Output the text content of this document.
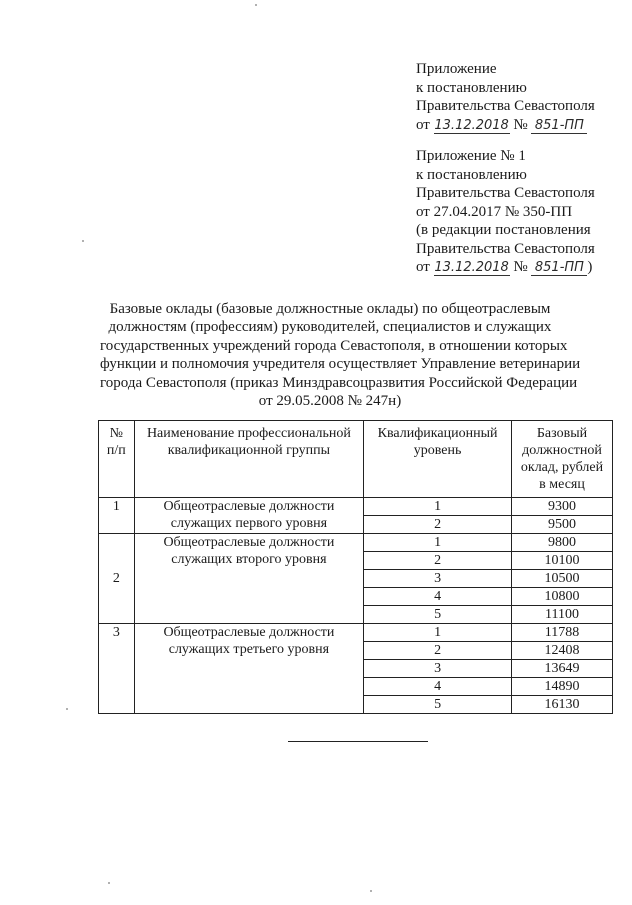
Приложение
к постановлению
Правительства Севастополя
от 13.12.2018 № 851-ПП
Приложение № 1
к постановлению
Правительства Севастополя
от 27.04.2017 № 350-ПП
(в редакции постановления
Правительства Севастополя
от 13.12.2018 № 851-ПП )
Базовые оклады (базовые должностные оклады) по общеотраслевым
должностям (профессиям) руководителей, специалистов и служащих
государственных учреждений города Севастополя, в отношении которых
функции и полномочия учредителя осуществляет Управление ветеринарии
города Севастополя (приказ Минздравсоцразвития Российской Федерации
от 29.05.2008 № 247н)
№ п/п	Наименование профессиональной квалификационной группы	Квалификационный уровень	Базовый должностной оклад, рублей в месяц
1	Общеотраслевые должности служащих первого уровня	1	9300
		2	9500
2	Общеотраслевые должности служащих второго уровня	1	9800
		2	10100
		3	10500
		4	10800
		5	11100
3	Общеотраслевые должности служащих третьего уровня	1	11788
		2	12408
		3	13649
		4	14890
		5	16130
